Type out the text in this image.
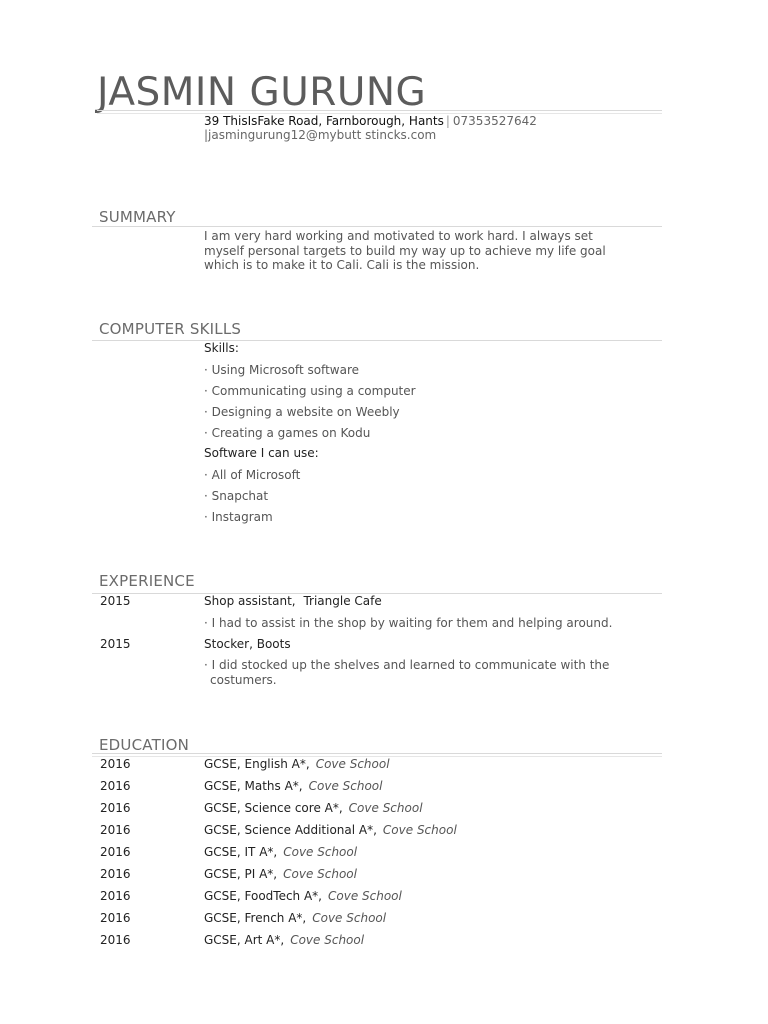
JASMIN GURUNG
39 ThisIsFake Road, Farnborough, Hants | 07353527642
|jasmingurung12@mybutt stincks.com
SUMMARY
I am very hard working and motivated to work hard. I always set myself personal targets to build my way up to achieve my life goal which is to make it to Cali. Cali is the mission.
COMPUTER SKILLS
Skills:
· Using Microsoft software
· Communicating using a computer
· Designing a website on Weebly
· Creating a games on Kodu
Software I can use:
· All of Microsoft
· Snapchat
· Instagram
EXPERIENCE
2015	Shop assistant, Triangle Cafe
· I had to assist in the shop by waiting for them and helping around.
2015	Stocker, Boots
· I did stocked up the shelves and learned to communicate with the
costumers.
EDUCATION
2016	GCSE, English A*, Cove School
2016	GCSE, Maths A*, Cove School
2016	GCSE, Science core A*, Cove School
2016	GCSE, Science Additional A*, Cove School
2016	GCSE, IT A*, Cove School
2016	GCSE, PI A*, Cove School
2016	GCSE, FoodTech A*, Cove School
2016	GCSE, French A*, Cove School
2016	GCSE, Art A*, Cove School
